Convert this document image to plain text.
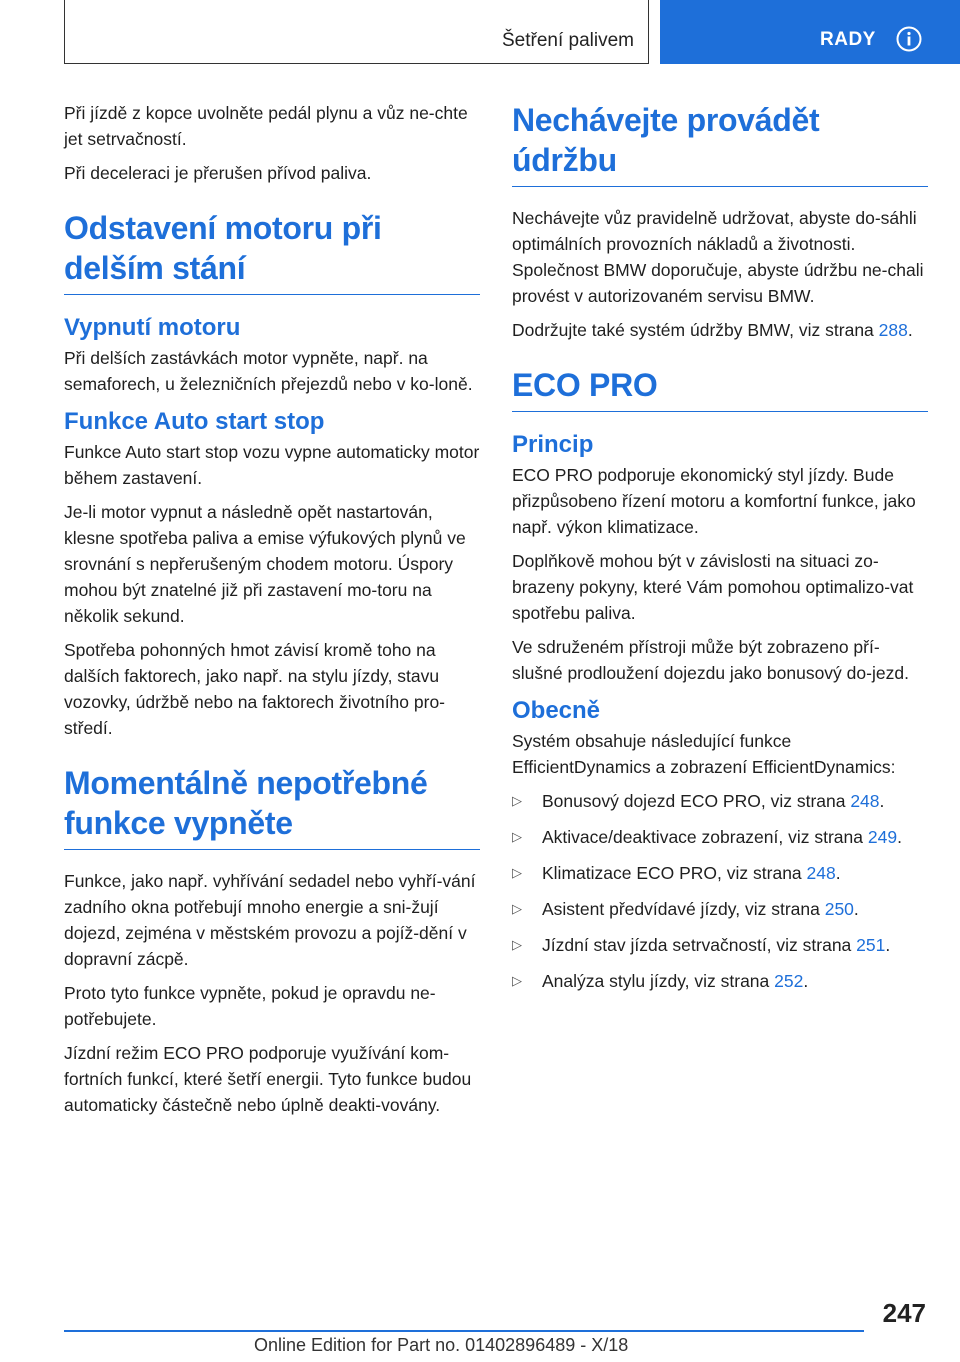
Šetření palivem	RADY

Při jízdě z kopce uvolněte pedál plynu a vůz ne-chte jet setrvačností.

Při deceleraci je přerušen přívod paliva.

Odstavení motoru při delším stání
Vypnutí motoru

Při delších zastávkách motor vypněte, např. na semaforech, u železničních přejezdů nebo v ko-loně.

Funkce Auto start stop

Funkce Auto start stop vozu vypne automaticky motor během zastavení.

Je-li motor vypnut a následně opět nastartován, klesne spotřeba paliva a emise výfukových plynů ve srovnání s nepřerušeným chodem motoru. Úspory mohou být znatelné již při zastavení mo-toru na několik sekund.

Spotřeba pohonných hmot závisí kromě toho na dalších faktorech, jako např. na stylu jízdy, stavu vozovky, údržbě nebo na faktorech životního pro-středí.

Momentálně nepotřebné funkce vypněte

Funkce, jako např. vyhřívání sedadel nebo vyhří-vání zadního okna potřebují mnoho energie a sni-žují dojezd, zejména v městském provozu a pojíž-dění v dopravní zácpě.

Proto tyto funkce vypněte, pokud je opravdu ne-potřebujete.

Jízdní režim ECO PRO podporuje využívání kom-fortních funkcí, které šetří energii. Tyto funkce budou automaticky částečně nebo úplně deakti-vovány.

Nechávejte provádět údržbu

Nechávejte vůz pravidelně udržovat, abyste do-sáhli optimálních provozních nákladů a životnosti. Společnost BMW doporučuje, abyste údržbu ne-chali provést v autorizovaném servisu BMW.

Dodržujte také systém údržby BMW, viz strana 288.

ECO PRO
Princip

ECO PRO podporuje ekonomický styl jízdy. Bude přizpůsobeno řízení motoru a komfortní funkce, jako např. výkon klimatizace.

Doplňkově mohou být v závislosti na situaci zo-brazeny pokyny, které Vám pomohou optimalizo-vat spotřebu paliva.

Ve sdruženém přístroji může být zobrazeno pří-slušné prodloužení dojezdu jako bonusový do-jezd.

Obecně

Systém obsahuje následující funkce EfficientDynamics a zobrazení EfficientDynamics:

▷ Bonusový dojezd ECO PRO, viz strana 248.
▷ Aktivace/deaktivace zobrazení, viz strana 249.
▷ Klimatizace ECO PRO, viz strana 248.
▷ Asistent předvídavé jízdy, viz strana 250.
▷ Jízdní stav jízda setrvačností, viz strana 251.
▷ Analýza stylu jízdy, viz strana 252.
247
Online Edition for Part no. 01402896489 - X/18
